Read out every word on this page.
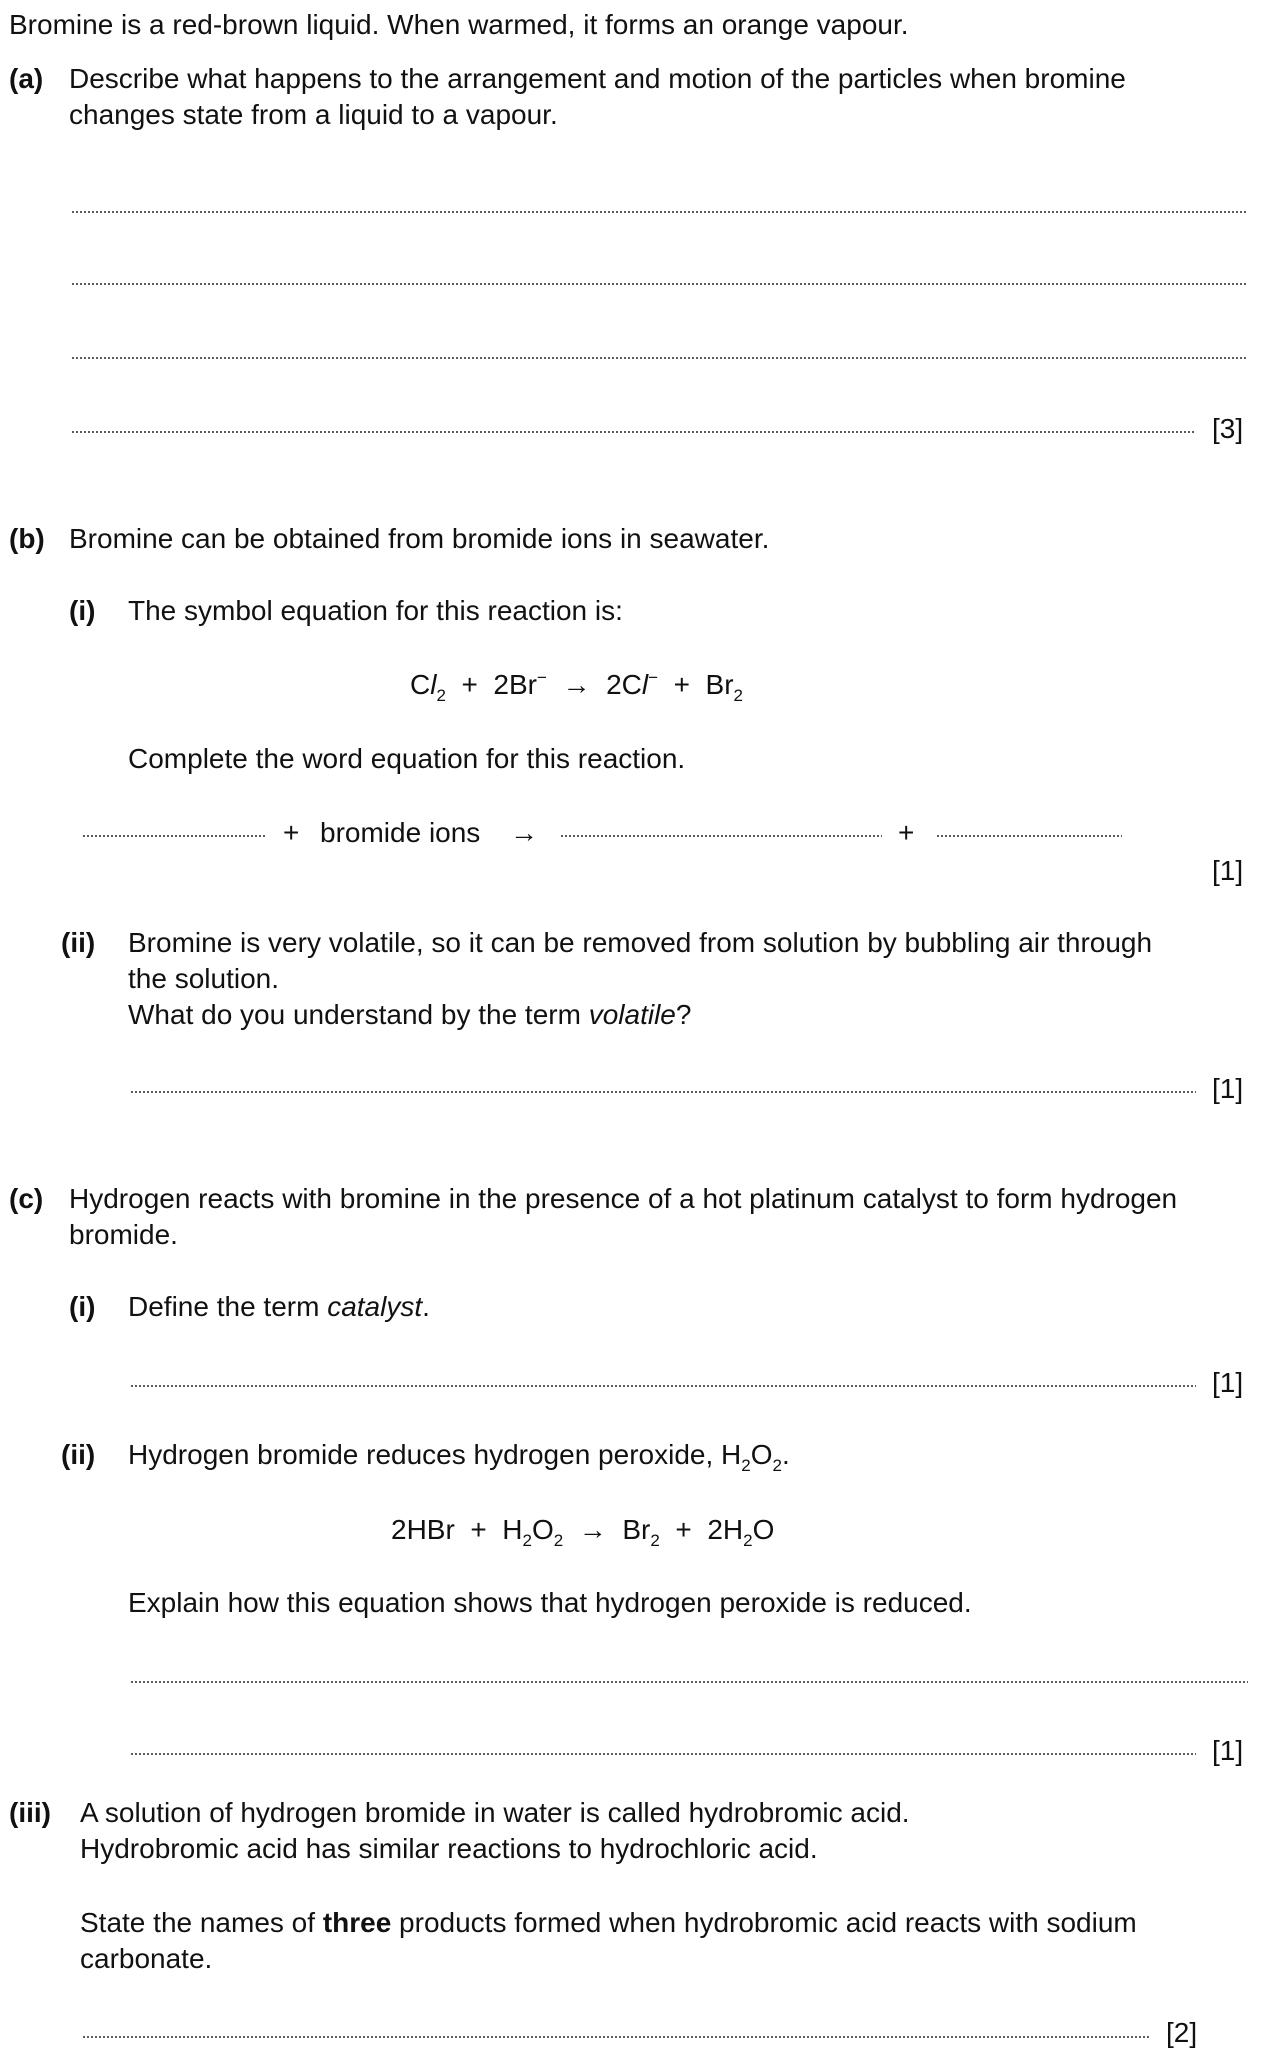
Bromine is a red-brown liquid. When warmed, it forms an orange vapour.
(a) Describe what happens to the arrangement and motion of the particles when bromine
changes state from a liquid to a vapour.
[3]
(b) Bromine can be obtained from bromide ions in seawater.
(i) The symbol equation for this reaction is:
$Cl_2 + 2Br^- \to 2Cl^- + Br_2$
Complete the word equation for this reaction.
+ bromide ions →	+
[1]
(ii) Bromine is very volatile, so it can be removed from solution by bubbling air through
the solution.
What do you understand by the term volatile?
[1]
(c) Hydrogen reacts with bromine in the presence of a hot platinum catalyst to form hydrogen
bromide.
(i) Define the term catalyst.
[1]
(ii) Hydrogen bromide reduces hydrogen peroxide, $H_2O_2$.
$2HBr + H_2O_2 \to Br_2 + 2H_2O$
Explain how this equation shows that hydrogen peroxide is reduced.
[1]
(iii) A solution of hydrogen bromide in water is called hydrobromic acid.
Hydrobromic acid has similar reactions to hydrochloric acid.
State the names of three products formed when hydrobromic acid reacts with sodium
carbonate.
[2]
